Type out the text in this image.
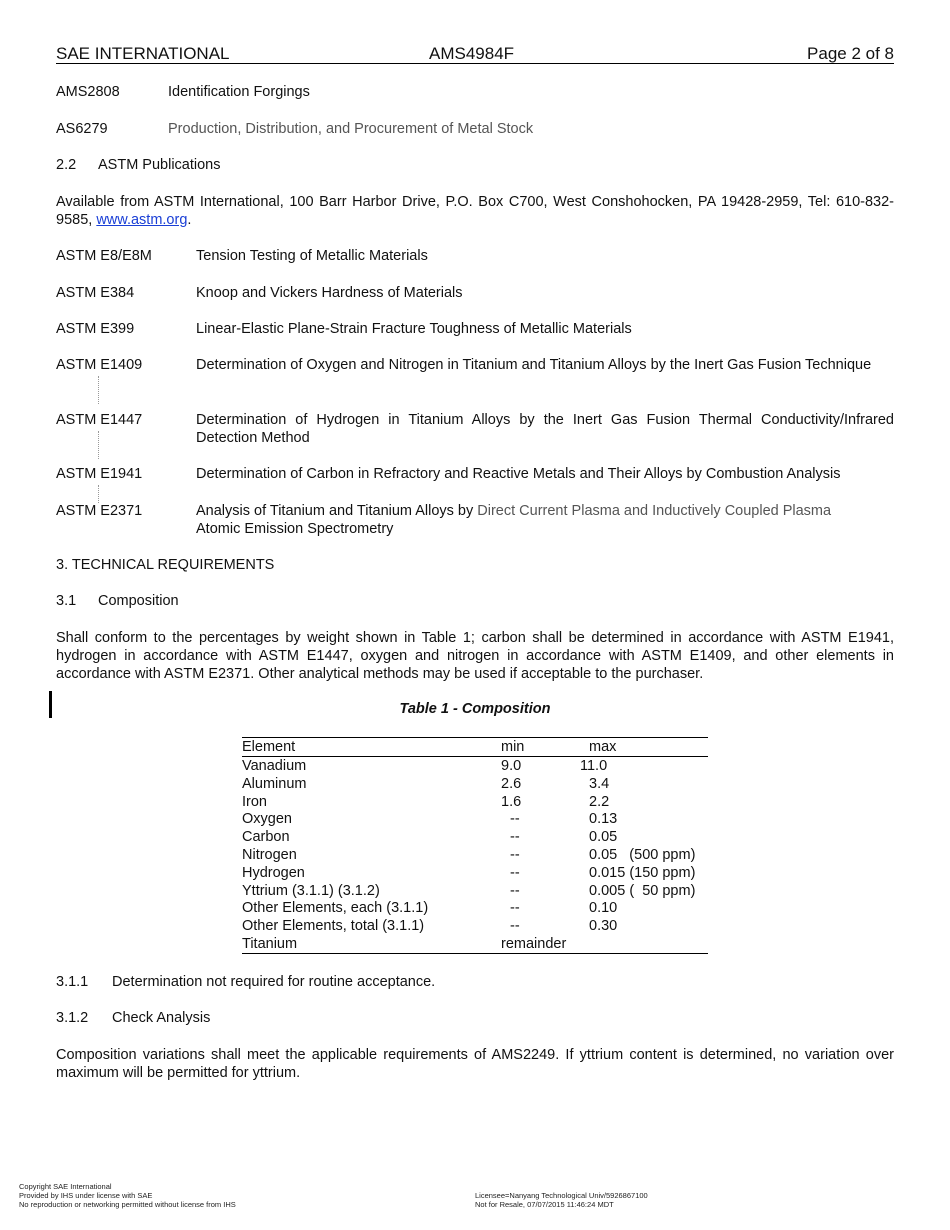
SAE INTERNATIONAL	AMS4984F	Page 2 of 8
AMS2808	Identification Forgings
AS6279	Production, Distribution, and Procurement of Metal Stock
2.2 ASTM Publications
Available from ASTM International, 100 Barr Harbor Drive, P.O. Box C700, West Conshohocken, PA 19428-2959, Tel: 610-832-9585, www.astm.org.
ASTM E8/E8M	Tension Testing of Metallic Materials
ASTM E384	Knoop and Vickers Hardness of Materials
ASTM E399	Linear-Elastic Plane-Strain Fracture Toughness of Metallic Materials
ASTM E1409	Determination of Oxygen and Nitrogen in Titanium and Titanium Alloys by the Inert Gas Fusion Technique
ASTM E1447	Determination of Hydrogen in Titanium Alloys by the Inert Gas Fusion Thermal Conductivity/Infrared Detection Method
ASTM E1941	Determination of Carbon in Refractory and Reactive Metals and Their Alloys by Combustion Analysis
ASTM E2371	Analysis of Titanium and Titanium Alloys by Direct Current Plasma and Inductively Coupled Plasma
Atomic Emission Spectrometry
3. TECHNICAL REQUIREMENTS
3.1 Composition
Shall conform to the percentages by weight shown in Table 1; carbon shall be determined in accordance with ASTM E1941, hydrogen in accordance with ASTM E1447, oxygen and nitrogen in accordance with ASTM E1409, and other elements in accordance with ASTM E2371. Other analytical methods may be used if acceptable to the purchaser.
Table 1 - Composition
Element	min	max
Vanadium	9.0	11.0
Aluminum	2.6	3.4
Iron	1.6	2.2
Oxygen	--	0.13
Carbon	--	0.05
Nitrogen	--	0.05   (500 ppm)
Hydrogen	--	0.015 (150 ppm)
Yttrium (3.1.1) (3.1.2)	--	0.005 (  50 ppm)
Other Elements, each (3.1.1)	--	0.10
Other Elements, total (3.1.1)	--	0.30
Titanium	remainder
3.1.1 Determination not required for routine acceptance.
3.1.2 Check Analysis
Composition variations shall meet the applicable requirements of AMS2249. If yttrium content is determined, no variation over maximum will be permitted for yttrium.
Copyright SAE International
Provided by IHS under license with SAE
No reproduction or networking permitted without license from IHS
Licensee=Nanyang Technological Univ/5926867100
Not for Resale, 07/07/2015 11:46:24 MDT
